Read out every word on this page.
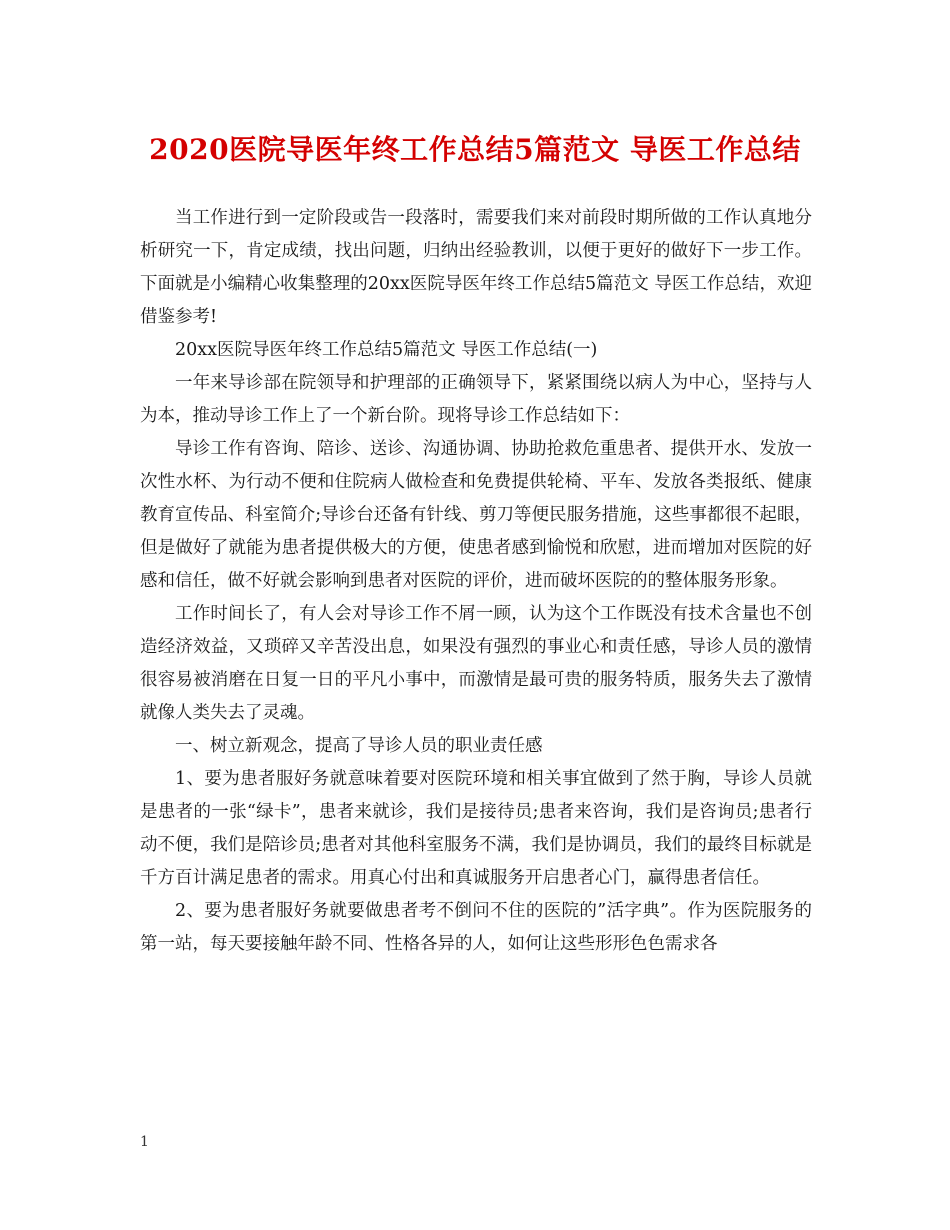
2020医院导医年终工作总结5篇范文 导医工作总结

当工作进行到一定阶段或告一段落时，需要我们来对前段时期所做的工作认真地分析研究一下，肯定成绩，找出问题，归纳出经验教训，以便于更好的做好下一步工作。下面就是小编精心收集整理的20xx医院导医年终工作总结5篇范文 导医工作总结，欢迎借鉴参考!

20xx医院导医年终工作总结5篇范文 导医工作总结(一)

一年来导诊部在院领导和护理部的正确领导下，紧紧围绕以病人为中心，坚持与人为本，推动导诊工作上了一个新台阶。现将导诊工作总结如下：

导诊工作有咨询、陪诊、送诊、沟通协调、协助抢救危重患者、提供开水、发放一次性水杯、为行动不便和住院病人做检查和免费提供轮椅、平车、发放各类报纸、健康教育宣传品、科室简介;导诊台还备有针线、剪刀等便民服务措施，这些事都很不起眼，但是做好了就能为患者提供极大的方便，使患者感到愉悦和欣慰，进而增加对医院的好感和信任，做不好就会影响到患者对医院的评价，进而破坏医院的的整体服务形象。

工作时间长了，有人会对导诊工作不屑一顾，认为这个工作既没有技术含量也不创造经济效益，又琐碎又辛苦没出息，如果没有强烈的事业心和责任感，导诊人员的激情很容易被消磨在日复一日的平凡小事中，而激情是最可贵的服务特质，服务失去了激情就像人类失去了灵魂。

一、树立新观念，提高了导诊人员的职业责任感

1、要为患者服好务就意味着要对医院环境和相关事宜做到了然于胸，导诊人员就是患者的一张“绿卡”，患者来就诊，我们是接待员;患者来咨询，我们是咨询员;患者行动不便，我们是陪诊员;患者对其他科室服务不满，我们是协调员，我们的最终目标就是千方百计满足患者的需求。用真心付出和真诚服务开启患者心门，赢得患者信任。

2、要为患者服好务就要做患者考不倒问不住的医院的”活字典”。作为医院服务的第一站，每天要接触年龄不同、性格各异的人，如何让这些形形色色需求各

1
